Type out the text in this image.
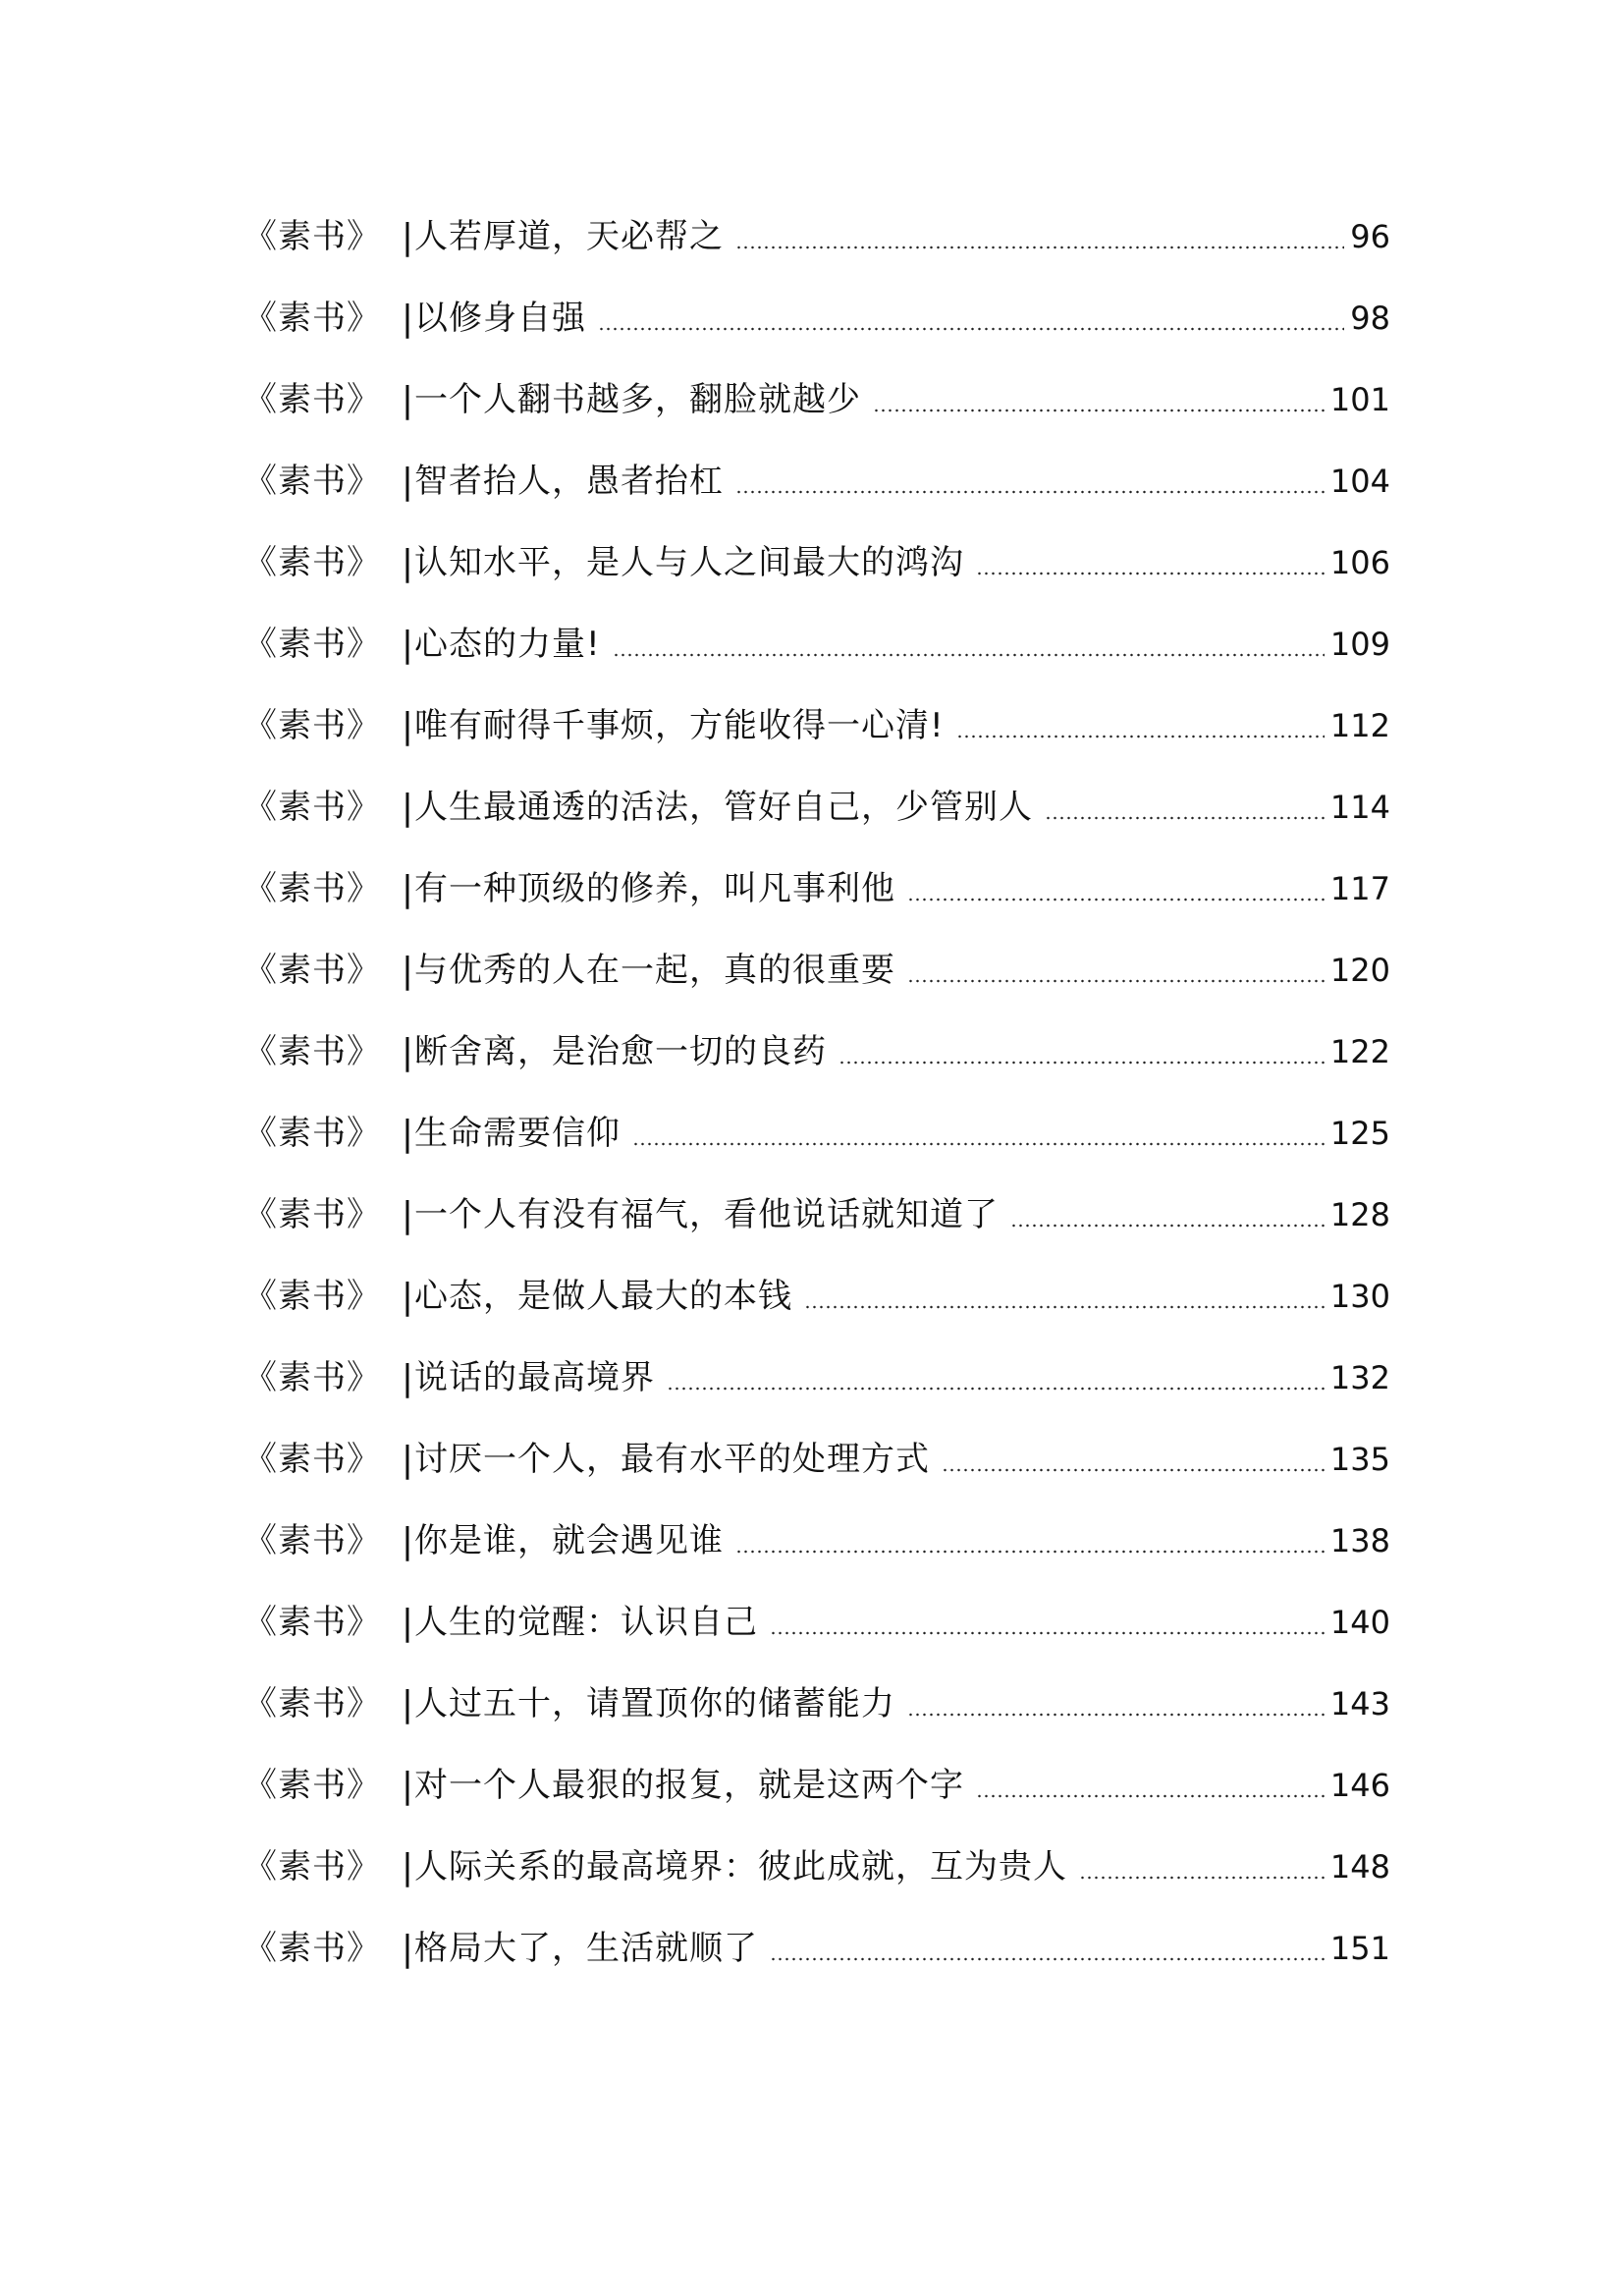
《素书》 | 人若厚道，天必帮之	96
《素书》 | 以修身自强	98
《素书》 | 一个人翻书越多，翻脸就越少	101
《素书》 | 智者抬人，愚者抬杠	104
《素书》 | 认知水平，是人与人之间最大的鸿沟	106
《素书》 | 心态的力量!	109
《素书》 | 唯有耐得千事烦，方能收得一心清!	112
《素书》 | 人生最通透的活法，管好自己，少管别人	114
《素书》 | 有一种顶级的修养，叫凡事利他	117
《素书》 | 与优秀的人在一起，真的很重要	120
《素书》 | 断舍离，是治愈一切的良药	122
《素书》 | 生命需要信仰	125
《素书》 | 一个人有没有福气，看他说话就知道了	128
《素书》 | 心态，是做人最大的本钱	130
《素书》 | 说话的最高境界	132
《素书》 | 讨厌一个人，最有水平的处理方式	135
《素书》 | 你是谁，就会遇见谁	138
《素书》 | 人生的觉醒：认识自己	140
《素书》 | 人过五十，请置顶你的储蓄能力	143
《素书》 | 对一个人最狠的报复，就是这两个字	146
《素书》 | 人际关系的最高境界：彼此成就，互为贵人	148
《素书》 | 格局大了，生活就顺了	151
